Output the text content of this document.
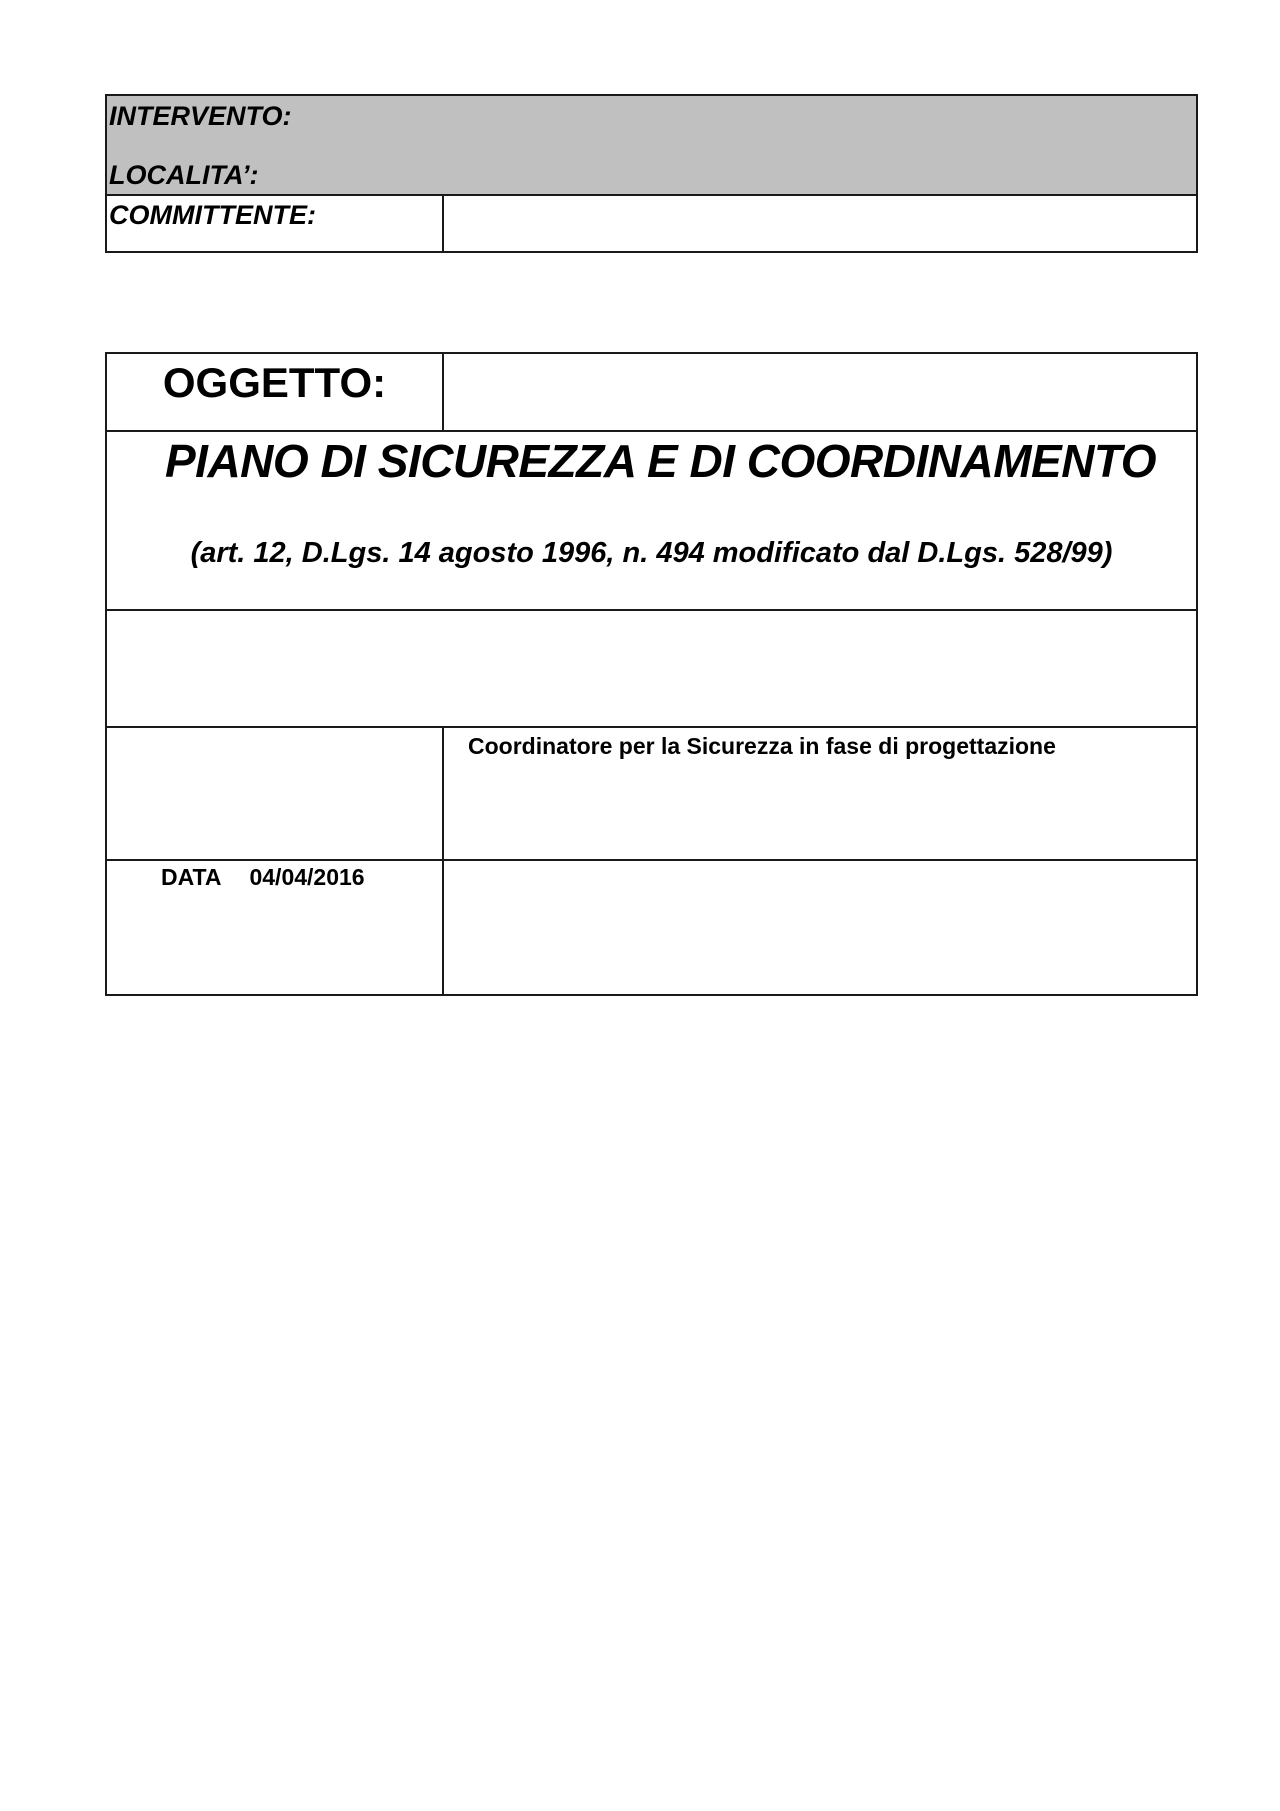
INTERVENTO:
LOCALITA’:
COMMITTENTE:
OGGETTO:
PIANO DI SICUREZZA E DI COORDINAMENTO
(art. 12, D.Lgs. 14 agosto 1996, n. 494 modificato dal D.Lgs. 528/99)
Coordinatore per la Sicurezza in fase di progettazione
DATA 04/04/2016
